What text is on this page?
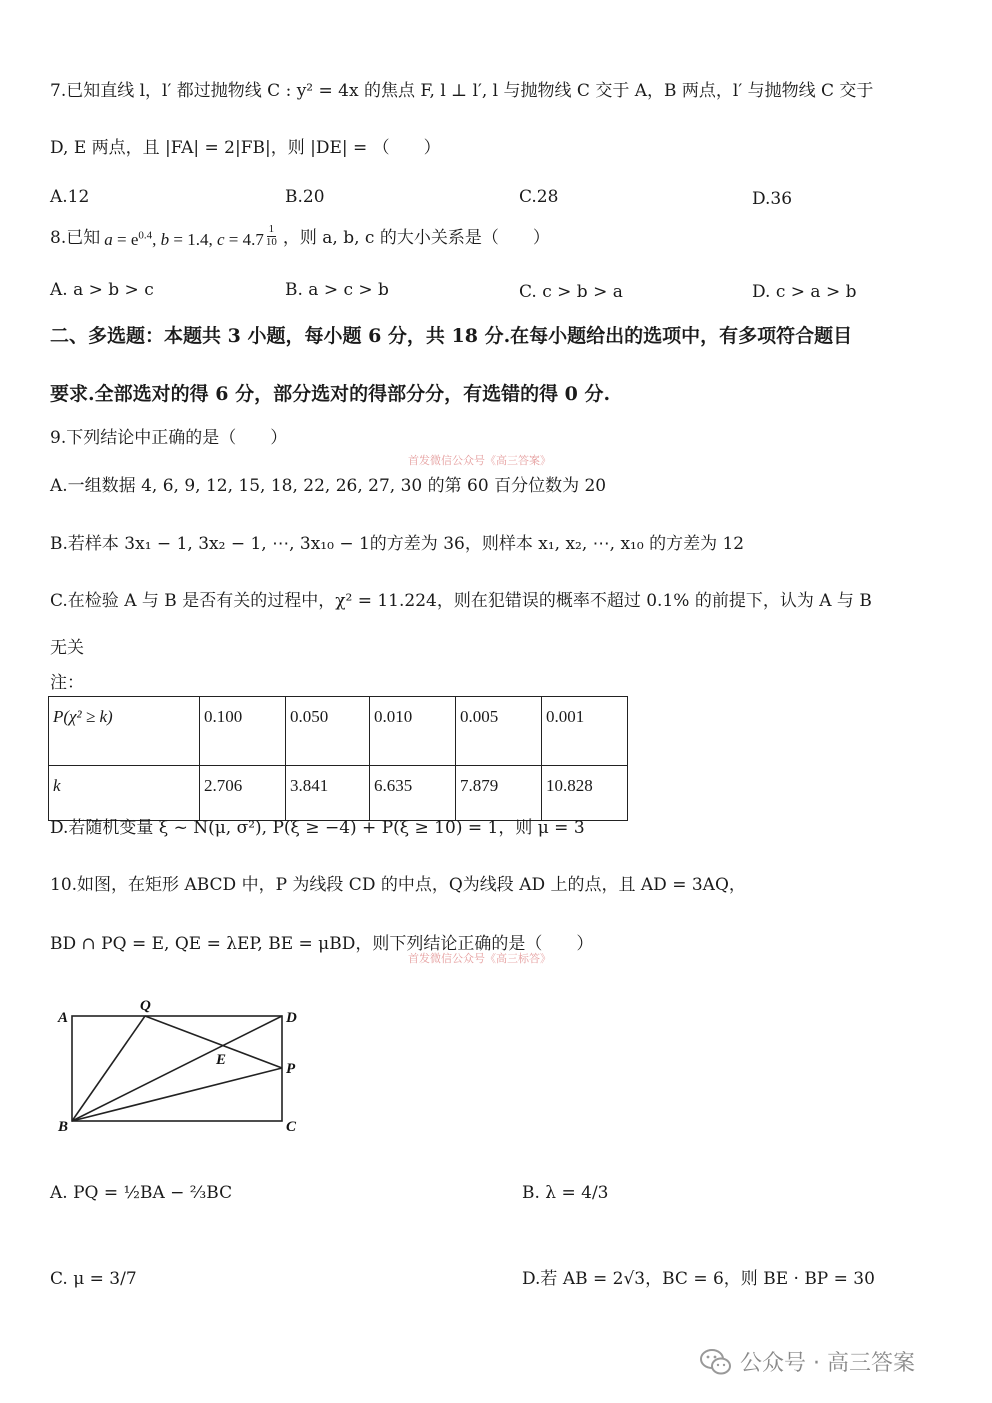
7.已知直线 l，l′ 都过抛物线 C : y² = 4x 的焦点 F, l ⊥ l′, l 与抛物线 C 交于 A，B 两点，l′ 与抛物线 C 交于
D, E 两点，且 |FA| = 2|FB|，则 |DE| = （　　）
A.12	B.20	C.28	D.36
8.已知 $a = e^{0.4}$, b = 1.4, c = 4.7 $^{\frac{1}{10}}$ ，则 a, b, c 的大小关系是（　　）
A. a > b > c	B. a > c > b	C. c > b > a	D. c > a > b
二、多选题：本题共 3 小题，每小题 6 分，共 18 分.在每小题给出的选项中，有多项符合题目
要求.全部选对的得 6 分，部分选对的得部分分，有选错的得 0 分.
9.下列结论中正确的是（　　）
首发微信公众号《高三答案》
A.一组数据 4, 6, 9, 12, 15, 18, 22, 26, 27, 30 的第 60 百分位数为 20
B.若样本 3x₁ − 1, 3x₂ − 1, ⋯, 3x₁₀ − 1的方差为 36，则样本 x₁, x₂, ⋯, x₁₀ 的方差为 12
C.在检验 A 与 B 是否有关的过程中，χ² = 11.224，则在犯错误的概率不超过 0.1% 的前提下，认为 A 与 B
无关
注：
P(χ² ≥ k)	0.100	0.050	0.010	0.005	0.001
k	2.706	3.841	6.635	7.879	10.828
D.若随机变量 ξ ~ N(μ, σ²), P(ξ ≥ −4) + P(ξ ≥ 10) = 1，则 μ = 3
10.如图，在矩形 ABCD 中，P 为线段 CD 的中点，Q为线段 AD 上的点，且 AD = 3AQ，
BD ∩ PQ = E, QE = λEP, BE = μBD，则下列结论正确的是（　　）
首发微信公众号《高三标答》
A
B	C
D
Q
E
P
A. PQ = ½BA − ⅔BC	B. λ = 4/3
C. μ = 3/7	D.若 AB = 2√3，BC = 6，则 BE · BP = 30
公众号 · 高三答案
